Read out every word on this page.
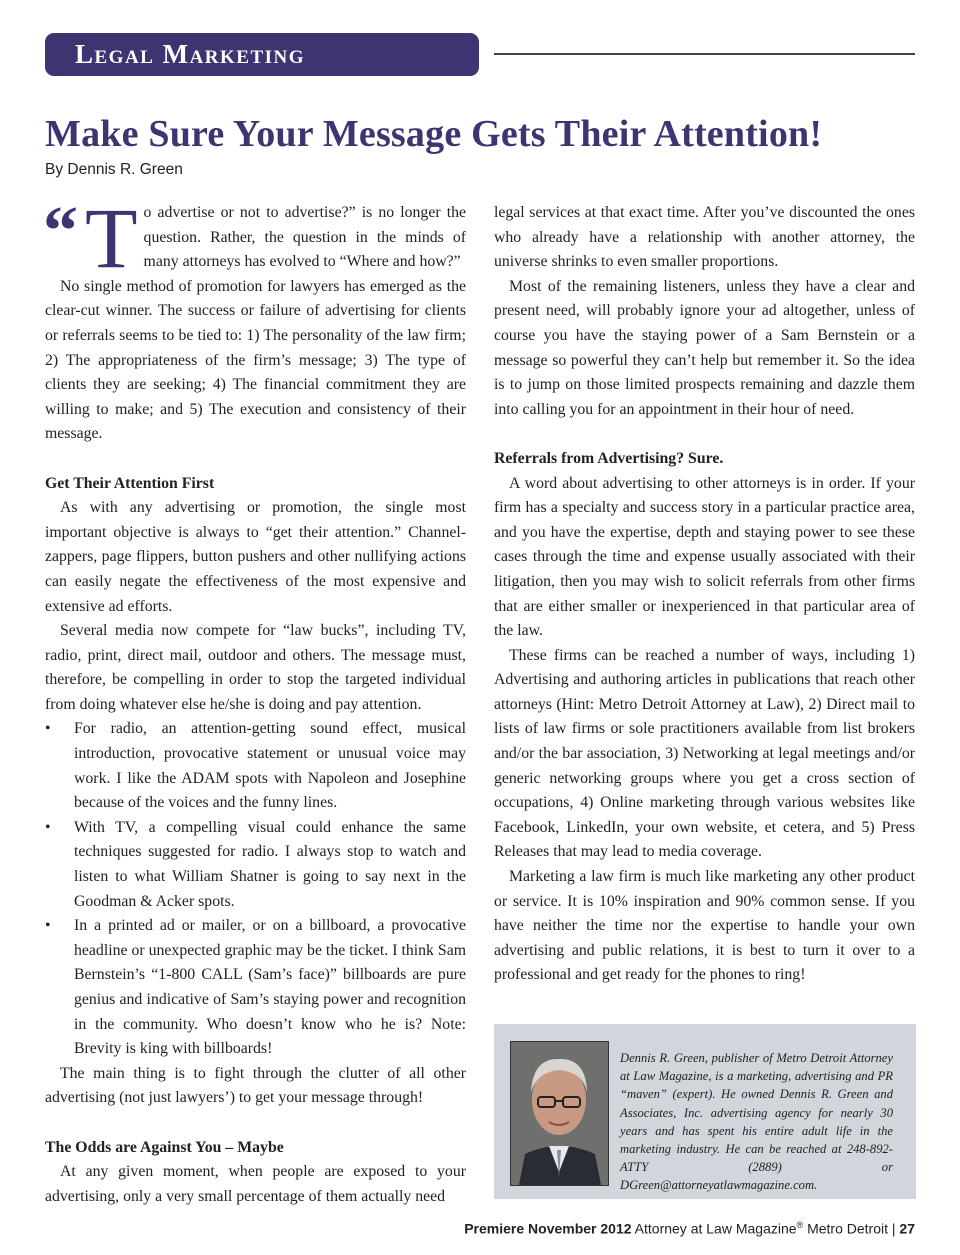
Legal Marketing
Make Sure Your Message Gets Their Attention!
By Dennis R. Green
“ T o advertise or not to advertise?” is no longer the question. Rather, the question in the minds of many attorneys has evolved to “Where and how?”

No single method of promotion for lawyers has emerged as the clear-cut winner. The success or failure of advertising for clients or referrals seems to be tied to: 1) The personality of the law firm; 2) The appropriateness of the firm’s message; 3) The type of clients they are seeking; 4) The financial commitment they are willing to make; and 5) The execution and consistency of their message.

Get Their Attention First

As with any advertising or promotion, the single most important objective is always to “get their attention.” Channel-zappers, page flippers, button pushers and other nullifying actions can easily negate the effectiveness of the most expensive and extensive ad efforts.

Several media now compete for “law bucks”, including TV, radio, print, direct mail, outdoor and others. The message must, therefore, be compelling in order to stop the targeted individual from doing whatever else he/she is doing and pay attention.

• For radio, an attention-getting sound effect, musical introduction, provocative statement or unusual voice may work. I like the ADAM spots with Napoleon and Josephine because of the voices and the funny lines.
• With TV, a compelling visual could enhance the same techniques suggested for radio. I always stop to watch and listen to what William Shatner is going to say next in the Goodman & Acker spots.
• In a printed ad or mailer, or on a billboard, a provocative headline or unexpected graphic may be the ticket. I think Sam Bernstein’s “1-800 CALL (Sam’s face)” billboards are pure genius and indicative of Sam’s staying power and recognition in the community. Who doesn’t know who he is? Note: Brevity is king with billboards!

The main thing is to fight through the clutter of all other advertising (not just lawyers’) to get your message through!

The Odds are Against You – Maybe

At any given moment, when people are exposed to your advertising, only a very small percentage of them actually need

legal services at that exact time. After you’ve discounted the ones who already have a relationship with another attorney, the universe shrinks to even smaller proportions.

Most of the remaining listeners, unless they have a clear and present need, will probably ignore your ad altogether, unless of course you have the staying power of a Sam Bernstein or a message so powerful they can’t help but remember it. So the idea is to jump on those limited prospects remaining and dazzle them into calling you for an appointment in their hour of need.

Referrals from Advertising? Sure.

A word about advertising to other attorneys is in order. If your firm has a specialty and success story in a particular practice area, and you have the expertise, depth and staying power to see these cases through the time and expense usually associated with their litigation, then you may wish to solicit referrals from other firms that are either smaller or inexperienced in that particular area of the law.

These firms can be reached a number of ways, including 1) Advertising and authoring articles in publications that reach other attorneys (Hint: Metro Detroit Attorney at Law), 2) Direct mail to lists of law firms or sole practitioners available from list brokers and/or the bar association, 3) Networking at legal meetings and/or generic networking groups where you get a cross section of occupations, 4) Online marketing through various websites like Facebook, LinkedIn, your own website, et cetera, and 5) Press Releases that may lead to media coverage.

Marketing a law firm is much like marketing any other product or service. It is 10% inspiration and 90% common sense. If you have neither the time nor the expertise to handle your own advertising and public relations, it is best to turn it over to a professional and get ready for the phones to ring!

Dennis R. Green, publisher of Metro Detroit Attorney at Law Magazine, is a marketing, advertising and PR “maven” (expert). He owned Dennis R. Green and Associates, Inc. advertising agency for nearly 30 years and has spent his entire adult life in the marketing industry. He can be reached at 248-892-ATTY (2889) or DGreen@attorneyatlawmagazine.com.
Premiere November 2012 Attorney at Law Magazine® Metro Detroit | 27
